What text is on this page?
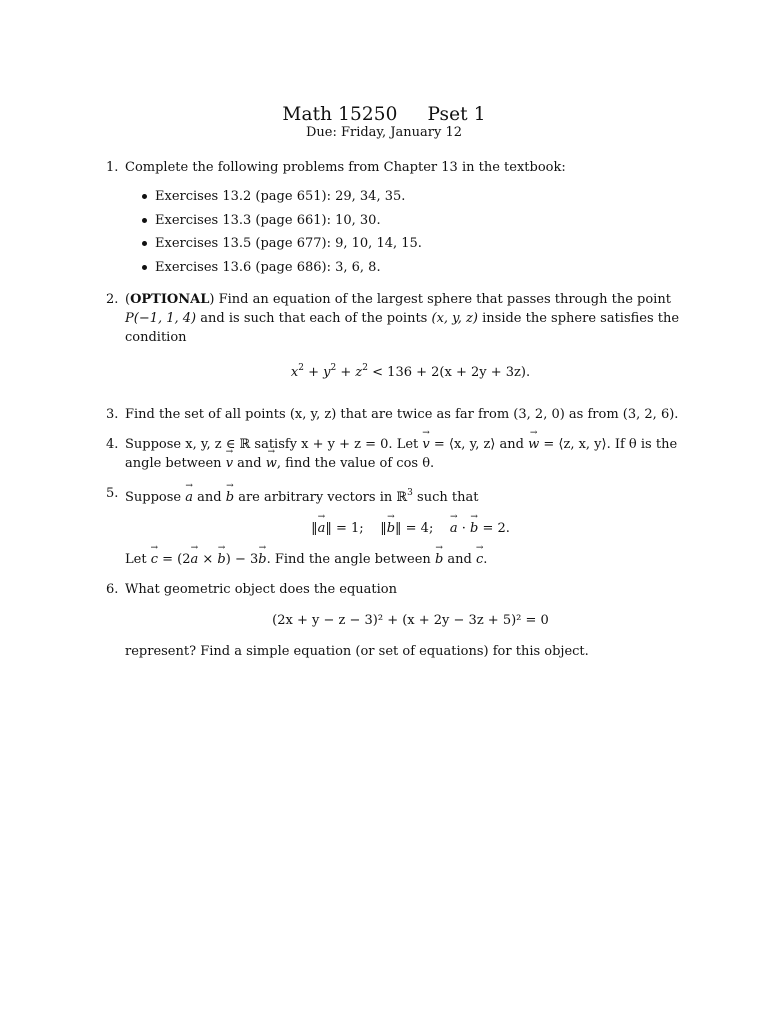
Math 15250 Pset 1
Due: Friday, January 12
1. Complete the following problems from Chapter 13 in the textbook:
Exercises 13.2 (page 651): 29, 34, 35.
Exercises 13.3 (page 661): 10, 30.
Exercises 13.5 (page 677): 9, 10, 14, 15.
Exercises 13.6 (page 686): 3, 6, 8.
2. (OPTIONAL) Find an equation of the largest sphere that passes through the point P(−1, 1, 4) and is such that each of the points (x, y, z) inside the sphere satisfies the condition
$x^2 + y^2 + z^2 < 136 + 2(x + 2y + 3z)$.
3. Find the set of all points (x, y, z) that are twice as far from (3, 2, 0) as from (3, 2, 6).
4. Suppose x, y, z ∈ ℝ satisfy x + y + z = 0. Let → v = ⟨x, y, z⟩ and → w = ⟨z, x, y⟩. If θ is the angle between → v and → w, find the value of cos θ.
5. Suppose → a and → b are arbitrary vectors in ℝ$^3$ such that
‖→ a‖ = 1; ‖→ b‖ = 4; → a · → b = 2.
Let → c = (2→ a × → b) − 3→ b. Find the angle between → b and → c.
6. What geometric object does the equation
(2x + y − z − 3)² + (x + 2y − 3z + 5)² = 0
represent? Find a simple equation (or set of equations) for this object.
